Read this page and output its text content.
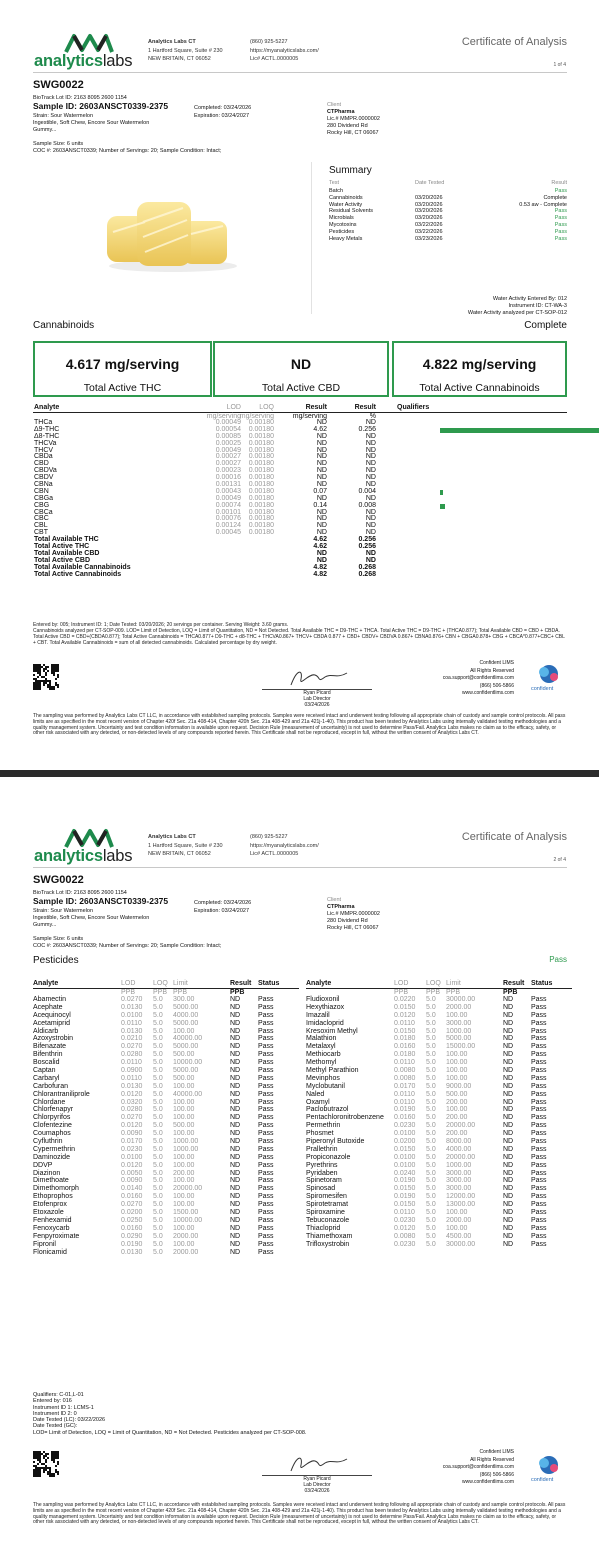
analyticslabs
Analytics Labs CT
1 Hartford Square, Suite # 230
NEW BRITAIN, CT 06052
(860) 925-5227
https://myanalyticslabs.com/
Lic# ACTL.0000005
Certificate of Analysis
1 of 4
SWG0022
BioTrack Lot ID: 2163 8095 2600 1154
Sample ID: 2603ANSCT0339-2375
Strain: Sour Watermelon
Ingestible, Soft Chew, Encore Sour Watermelon
Gummy...
Completed: 03/24/2026
Expiration: 03/24/2027
Client
CTPharma
Lic.# MMPR.0000002
280 Dividend Rd
Rocky Hill, CT 06067
Sample Size: 6 units
COC #: 2603ANSCT0339; Number of Servings: 20; Sample Condition: Intact;
Summary
Test	Date Tested	Result
Batch	Pass
Cannabinoids	03/20/2026	Complete
Water Activity	03/20/2026	0.53 aw - Complete
Residual Solvents	03/20/2026	Pass
Microbials	03/20/2026	Pass
Mycotoxins	03/22/2026	Pass
Pesticides	03/22/2026	Pass
Heavy Metals	03/23/2026	Pass
Water Activity Entered By: 012
Instrument ID: CT-WA-3
Water Activity analyzed per CT-SOP-012
Cannabinoids	Complete
4.617 mg/serving
Total Active THC
ND
Total Active CBD
4.822 mg/serving
Total Active Cannabinoids
Analyte	LOD	LOQ	Result	Result	Qualifiers
mg/serving
mg/serving	mg/serving	%
THCa	0.00049 0.00180	ND	ND
Δ9-THC	0.00054 0.00180	4.62	0.256
Δ8-THC	0.00085 0.00180	ND	ND
THCVa	0.00025 0.00180	ND	ND
THCV	0.00049 0.00180	ND	ND
CBDa	0.00027 0.00180	ND	ND
CBD	0.00027 0.00180	ND	ND
CBDVa	0.00023 0.00180	ND	ND
CBDV	0.00016 0.00180	ND	ND
CBNa	0.00131 0.00180	ND	ND
CBN	0.00043 0.00180	0.07	0.004
CBGa	0.00049 0.00180	ND	ND
CBG	0.00074 0.00180	0.14	0.008
CBCa	0.00101 0.00180	ND	ND
CBC	0.00076 0.00180	ND	ND
CBL	0.00124 0.00180	ND	ND
CBT	0.00045 0.00180	ND	ND
Total Available THC	4.62	0.256
Total Active THC	4.62	0.256
Total Available CBD	ND	ND
Total Active CBD	ND	ND
Total Available Cannabinoids	4.82	0.268
Total Active Cannabinoids	4.82	0.268
Entered by: 005; Instrument ID: 1; Date Tested: 03/20/2026; 20 servings per container. Serving Weight: 3.60 grams.
Cannabinoids analyzed per CT-SOP-009. LOD= Limit of Detection, LOQ = Limit of Quantitation, ND = Not Detected. Total Available THC = D9-THC + THCA. Total Active THC = D9-THC + (THCA0.877); Total Available CBD = CBD + CBDA. Total Active CBD = CBD+(CBDA0.877); Total Active Cannabinoids = THCA0.877+ D9-THC + d8-THC + THCVA0.867+ THCV+ CBDA 0.877 + CBD+ CBDV+ CBDVA 0.867+ CBNA0.876+ CBN + CBGA0.878+ CBG + CBCA*0.877+CBC+ CBL + CBT. Total Available Cannabinoids = sum of all detected cannabinoids. Calculated percentage by dry weight.
Ryan Picard
Lab Director
03/24/2026
Confident LIMS
All Rights Reserved
coa.support@confidentlims.com
(866) 506-5866
www.confidentlims.com
confident
The sampling was performed by Analytics Labs CT LLC, in accordance with established sampling protocols. Samples were received intact and underwent testing following all appropriate chain of custody and sample control protocols. All pass limits are as specified in the most recent version of Chapter 420f Sec. 21a 408-414, Chapter 420h Sec. 21a 408-429 and 21a 421j-1-40). This product has been tested by Analytics Labs using internally validated testing methodologies and a quality management system. Uncertainty and test condition information is available upon request. Decision Rule (measurement of uncertainty) is not used to determine Pass/Fail. Analytics Labs makes no claim as to the efficacy, safety, or other risk associated with any detected, or non-detected levels of any compounds reported herein. This Certificate shall not be reproduced, except in full, without the written consent of Analytics Labs CT.
analyticslabs
Analytics Labs CT
1 Hartford Square, Suite # 230
NEW BRITAIN, CT 06052
(860) 925-5227
https://myanalyticslabs.com/
Lic# ACTL.0000005
Certificate of Analysis
2 of 4
SWG0022
BioTrack Lot ID: 2163 8095 2600 1154
Sample ID: 2603ANSCT0339-2375
Strain: Sour Watermelon
Ingestible, Soft Chew, Encore Sour Watermelon
Gummy...
Completed: 03/24/2026
Expiration: 03/24/2027
Client
CTPharma
Lic.# MMPR.0000002
280 Dividend Rd
Rocky Hill, CT 06067
Sample Size: 6 units
COC #: 2603ANSCT0339; Number of Servings: 20; Sample Condition: Intact;
Pesticides	Pass
Analyte	LOD	LOQ Limit	Result Status
PPB	PPB PPB	PPB
Abamectin	0.0270 5.0 300.00	ND	Pass
Acephate	0.0130 5.0 5000.00	ND	Pass
Acequinocyl	0.0100 5.0 4000.00	ND	Pass
Acetamiprid	0.0110 5.0 5000.00	ND	Pass
Aldicarb	0.0130 5.0 100.00	ND	Pass
Azoxystrobin	0.0210 5.0 40000.00	ND	Pass
Bifenazate	0.0270 5.0 5000.00	ND	Pass
Bifenthrin	0.0280 5.0 500.00	ND	Pass
Boscalid	0.0110 5.0 10000.00	ND	Pass
Captan	0.0900 5.0 5000.00	ND	Pass
Carbaryl	0.0110 5.0 500.00	ND	Pass
Carbofuran	0.0130 5.0 100.00	ND	Pass
Chlorantraniliprole	0.0120 5.0 40000.00	ND	Pass
Chlordane	0.0320 5.0 100.00	ND	Pass
Chlorfenapyr	0.0280 5.0 100.00	ND	Pass
Chlorpyrifos	0.0270 5.0 100.00	ND	Pass
Clofentezine	0.0120 5.0 500.00	ND	Pass
Coumaphos	0.0090 5.0 100.00	ND	Pass
Cyfluthrin	0.0170 5.0 1000.00	ND	Pass
Cypermethrin	0.0230 5.0 1000.00	ND	Pass
Daminozide	0.0100 5.0 100.00	ND	Pass
DDVP	0.0120 5.0 100.00	ND	Pass
Diazinon	0.0050 5.0 200.00	ND	Pass
Dimethoate	0.0090 5.0 100.00	ND	Pass
Dimethomorph	0.0140 5.0 20000.00	ND	Pass
Ethoprophos	0.0160 5.0 100.00	ND	Pass
Etofenprox	0.0270 5.0 100.00	ND	Pass
Etoxazole	0.0200 5.0 1500.00	ND	Pass
Fenhexamid	0.0250 5.0 10000.00	ND	Pass
Fenoxycarb	0.0160 5.0 100.00	ND	Pass
Fenpyroximate	0.0290 5.0 2000.00	ND	Pass
Fipronil	0.0190 5.0 100.00	ND	Pass
Flonicamid	0.0130 5.0 2000.00	ND	Pass
Analyte	LOD	LOQ Limit	Result Status
PPB	PPB PPB	PPB
Fludioxonil	0.0220 5.0 30000.00	ND	Pass
Hexythiazox	0.0150 5.0 2000.00	ND	Pass
Imazalil	0.0120 5.0 100.00	ND	Pass
Imidacloprid	0.0110 5.0 3000.00	ND	Pass
Kresoxim Methyl	0.0150 5.0 1000.00	ND	Pass
Malathion	0.0180 5.0 5000.00	ND	Pass
Metalaxyl	0.0160 5.0 15000.00	ND	Pass
Methiocarb	0.0180 5.0 100.00	ND	Pass
Methomyl	0.0110 5.0 100.00	ND	Pass
Methyl Parathion	0.0080 5.0 100.00	ND	Pass
Mevinphos	0.0080 5.0 100.00	ND	Pass
Myclobutanil	0.0170 5.0 9000.00	ND	Pass
Naled	0.0110 5.0 500.00	ND	Pass
Oxamyl	0.0110 5.0 200.00	ND	Pass
Paclobutrazol	0.0190 5.0 100.00	ND	Pass
Pentachloronitrobenzene 0.0160 5.0 200.00	ND	Pass
Permethrin	0.0230 5.0 20000.00	ND	Pass
Phosmet	0.0100 5.0 200.00	ND	Pass
Piperonyl Butoxide	0.0200 5.0 8000.00	ND	Pass
Prallethrin	0.0150 5.0 4000.00	ND	Pass
Propiconazole	0.0100 5.0 20000.00	ND	Pass
Pyrethrins	0.0100 5.0 1000.00	ND	Pass
Pyridaben	0.0240 5.0 3000.00	ND	Pass
Spinetoram	0.0190 5.0 3000.00	ND	Pass
Spinosad	0.0150 5.0 3000.00	ND	Pass
Spiromesifen	0.0190 5.0 12000.00	ND	Pass
Spirotetramat	0.0150 5.0 13000.00	ND	Pass
Spiroxamine	0.0110 5.0 100.00	ND	Pass
Tebuconazole	0.0230 5.0 2000.00	ND	Pass
Thiacloprid	0.0120 5.0 100.00	ND	Pass
Thiamethoxam	0.0080 5.0 4500.00	ND	Pass
Trifloxystrobin	0.0230 5.0 30000.00	ND	Pass
Qualifiers: C-01,L-01
Entered by: 016
Instrument ID 1: LCMS-1
Instrument ID 2: 0
Date Tested (LC): 03/22/2026
Date Tested (GC):
LOD= Limit of Detection, LOQ = Limit of Quantitation, ND = Not Detected. Pesticides analyzed per CT-SOP-008.
Ryan Picard
Lab Director
03/24/2026
Confident LIMS
All Rights Reserved
coa.support@confidentlims.com
(866) 506-5866
www.confidentlims.com	confident
The sampling was performed by Analytics Labs CT LLC, in accordance with established sampling protocols. Samples were received intact and underwent testing following all appropriate chain of custody and sample control protocols. All pass limits are as specified in the most recent version of Chapter 420f Sec. 21a 408-414, Chapter 420h Sec. 21a 408-429 and 21a 421j-1-40). This product has been tested by Analytics Labs using internally validated testing methodologies and a quality management system. Uncertainty and test condition information is available upon request. Decision Rule (measurement of uncertainty) is not used to determine Pass/Fail. Analytics Labs makes no claim as to the efficacy, safety, or other risk associated with any detected, or non-detected levels of any compounds reported herein. This Certificate shall not be reproduced, except in full, without the written consent of Analytics Labs CT.
